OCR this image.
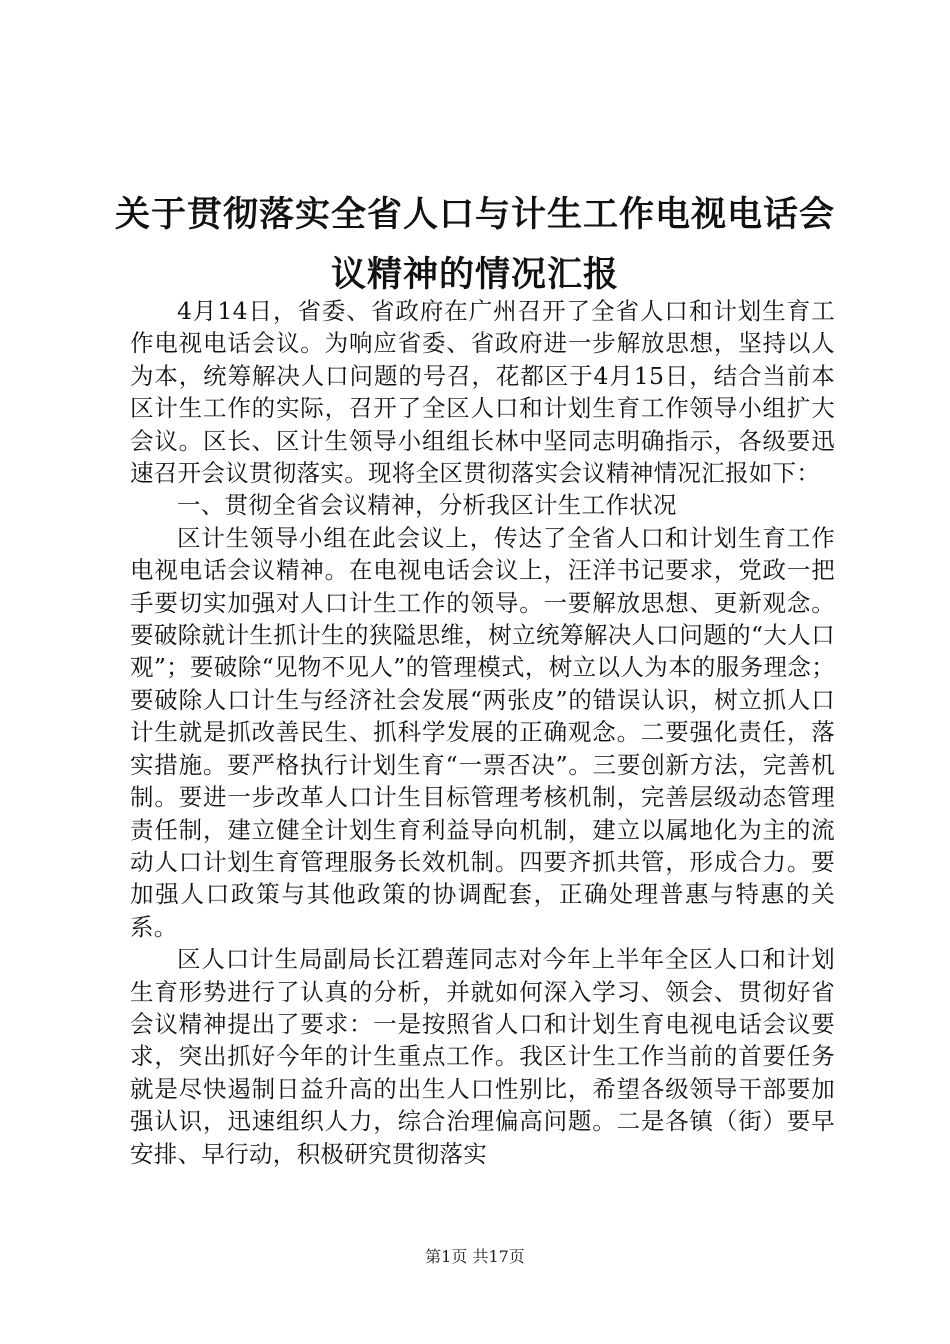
关于贯彻落实全省人口与计生工作电视电话会
议精神的情况汇报

4月14日，省委、省政府在广州召开了全省人口和计划生育工作电视电话会议。为响应省委、省政府进一步解放思想，坚持以人为本，统筹解决人口问题的号召，花都区于4月15日，结合当前本区计生工作的实际，召开了全区人口和计划生育工作领导小组扩大会议。区长、区计生领导小组组长林中坚同志明确指示，各级要迅速召开会议贯彻落实。现将全区贯彻落实会议精神情况汇报如下：

一、贯彻全省会议精神，分析我区计生工作状况

区计生领导小组在此会议上，传达了全省人口和计划生育工作电视电话会议精神。在电视电话会议上，汪洋书记要求，党政一把手要切实加强对人口计生工作的领导。一要解放思想、更新观念。要破除就计生抓计生的狭隘思维，树立统筹解决人口问题的“大人口观”；要破除“见物不见人”的管理模式，树立以人为本的服务理念；要破除人口计生与经济社会发展“两张皮”的错误认识，树立抓人口计生就是抓改善民生、抓科学发展的正确观念。二要强化责任，落实措施。要严格执行计划生育“一票否决”。三要创新方法，完善机制。要进一步改革人口计生目标管理考核机制，完善层级动态管理责任制，建立健全计划生育利益导向机制，建立以属地化为主的流动人口计划生育管理服务长效机制。四要齐抓共管，形成合力。要加强人口政策与其他政策的协调配套，正确处理普惠与特惠的关系。

区人口计生局副局长江碧莲同志对今年上半年全区人口和计划生育形势进行了认真的分析，并就如何深入学习、领会、贯彻好省会议精神提出了要求：一是按照省人口和计划生育电视电话会议要求，突出抓好今年的计生重点工作。我区计生工作当前的首要任务就是尽快遏制日益升高的出生人口性别比，希望各级领导干部要加强认识，迅速组织人力，综合治理偏高问题。二是各镇（街）要早安排、早行动，积极研究贯彻落实

第1页 共17页
